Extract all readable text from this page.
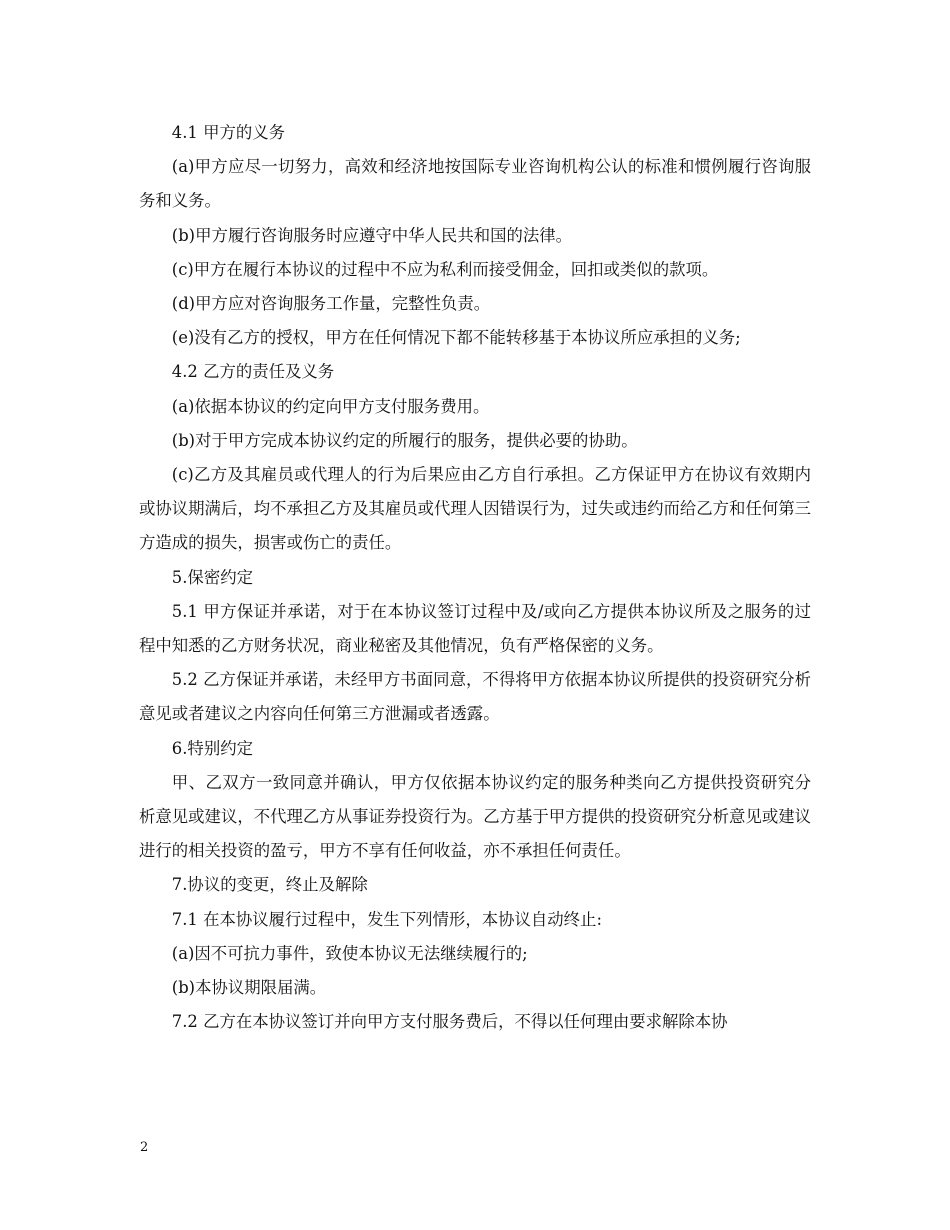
4.1 甲方的义务

(a)甲方应尽一切努力，高效和经济地按国际专业咨询机构公认的标准和惯例履行咨询服务和义务。

(b)甲方履行咨询服务时应遵守中华人民共和国的法律。

(c)甲方在履行本协议的过程中不应为私利而接受佣金，回扣或类似的款项。

(d)甲方应对咨询服务工作量，完整性负责。

(e)没有乙方的授权，甲方在任何情况下都不能转移基于本协议所应承担的义务;

4.2 乙方的责任及义务

(a)依据本协议的约定向甲方支付服务费用。

(b)对于甲方完成本协议约定的所履行的服务，提供必要的协助。

(c)乙方及其雇员或代理人的行为后果应由乙方自行承担。乙方保证甲方在协议有效期内或协议期满后，均不承担乙方及其雇员或代理人因错误行为，过失或违约而给乙方和任何第三方造成的损失，损害或伤亡的责任。

5.保密约定

5.1 甲方保证并承诺，对于在本协议签订过程中及/或向乙方提供本协议所及之服务的过程中知悉的乙方财务状况，商业秘密及其他情况，负有严格保密的义务。

5.2 乙方保证并承诺，未经甲方书面同意，不得将甲方依据本协议所提供的投资研究分析意见或者建议之内容向任何第三方泄漏或者透露。

6.特别约定

甲、乙双方一致同意并确认，甲方仅依据本协议约定的服务种类向乙方提供投资研究分析意见或建议，不代理乙方从事证券投资行为。乙方基于甲方提供的投资研究分析意见或建议进行的相关投资的盈亏，甲方不享有任何收益，亦不承担任何责任。

7.协议的变更，终止及解除

7.1 在本协议履行过程中，发生下列情形，本协议自动终止:

(a)因不可抗力事件，致使本协议无法继续履行的;

(b)本协议期限届满。

7.2 乙方在本协议签订并向甲方支付服务费后，不得以任何理由要求解除本协

2
